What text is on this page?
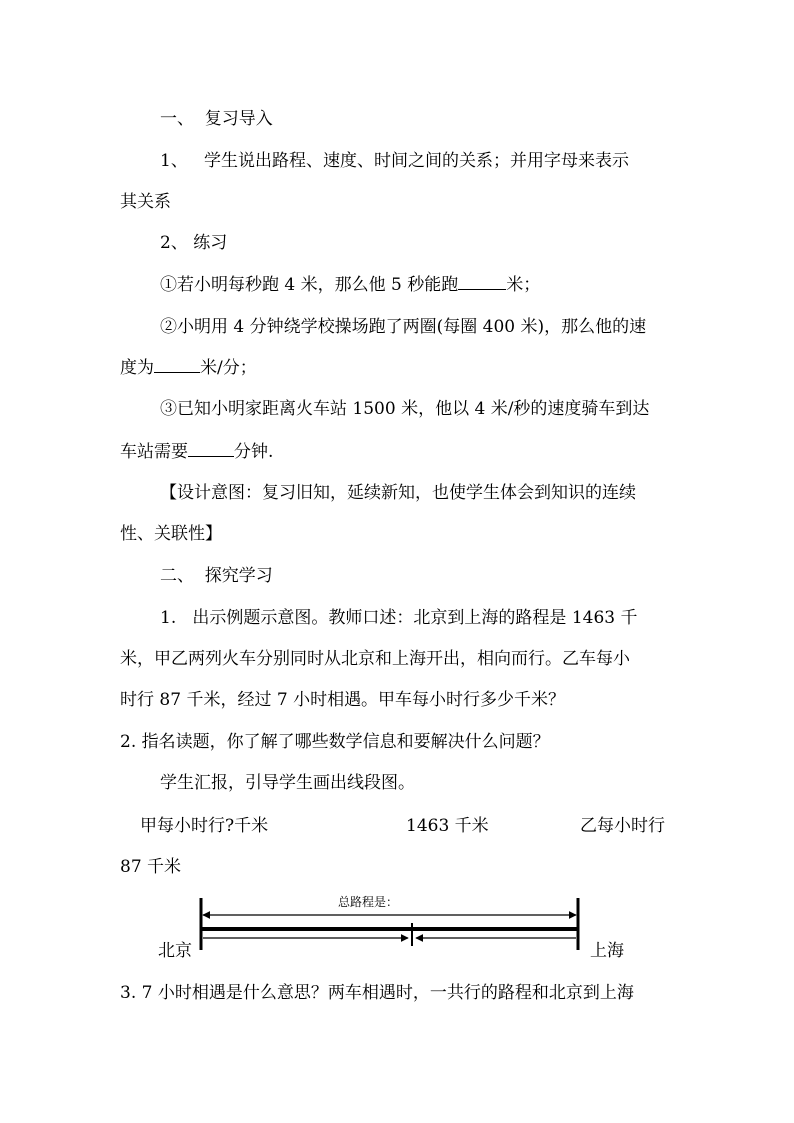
一、  复习导入
1、   学生说出路程、速度、时间之间的关系；并用字母来表示
其关系
2、 练习
①若小明每秒跑 4 米，那么他 5 秒能跑	米；
②小明用 4 分钟绕学校操场跑了两圈(每圈 400 米)，那么他的速
度为	米/分；
③已知小明家距离火车站 1500 米，他以 4 米/秒的速度骑车到达
车站需要	分钟.
【设计意图：复习旧知，延续新知，也使学生体会到知识的连续
性、关联性】
二、  探究学习
1.   出示例题示意图。教师口述：北京到上海的路程是 1463 千
米，甲乙两列火车分别同时从北京和上海开出，相向而行。乙车每小
时行 87 千米，经过 7 小时相遇。甲车每小时行多少千米？
2. 指名读题，你了解了哪些数学信息和要解决什么问题？
学生汇报，引导学生画出线段图。
甲每小时行?千米	1463 千米	乙每小时行
87 千米
总路程是：
北京	上海
3. 7 小时相遇是什么意思？两车相遇时，一共行的路程和北京到上海
